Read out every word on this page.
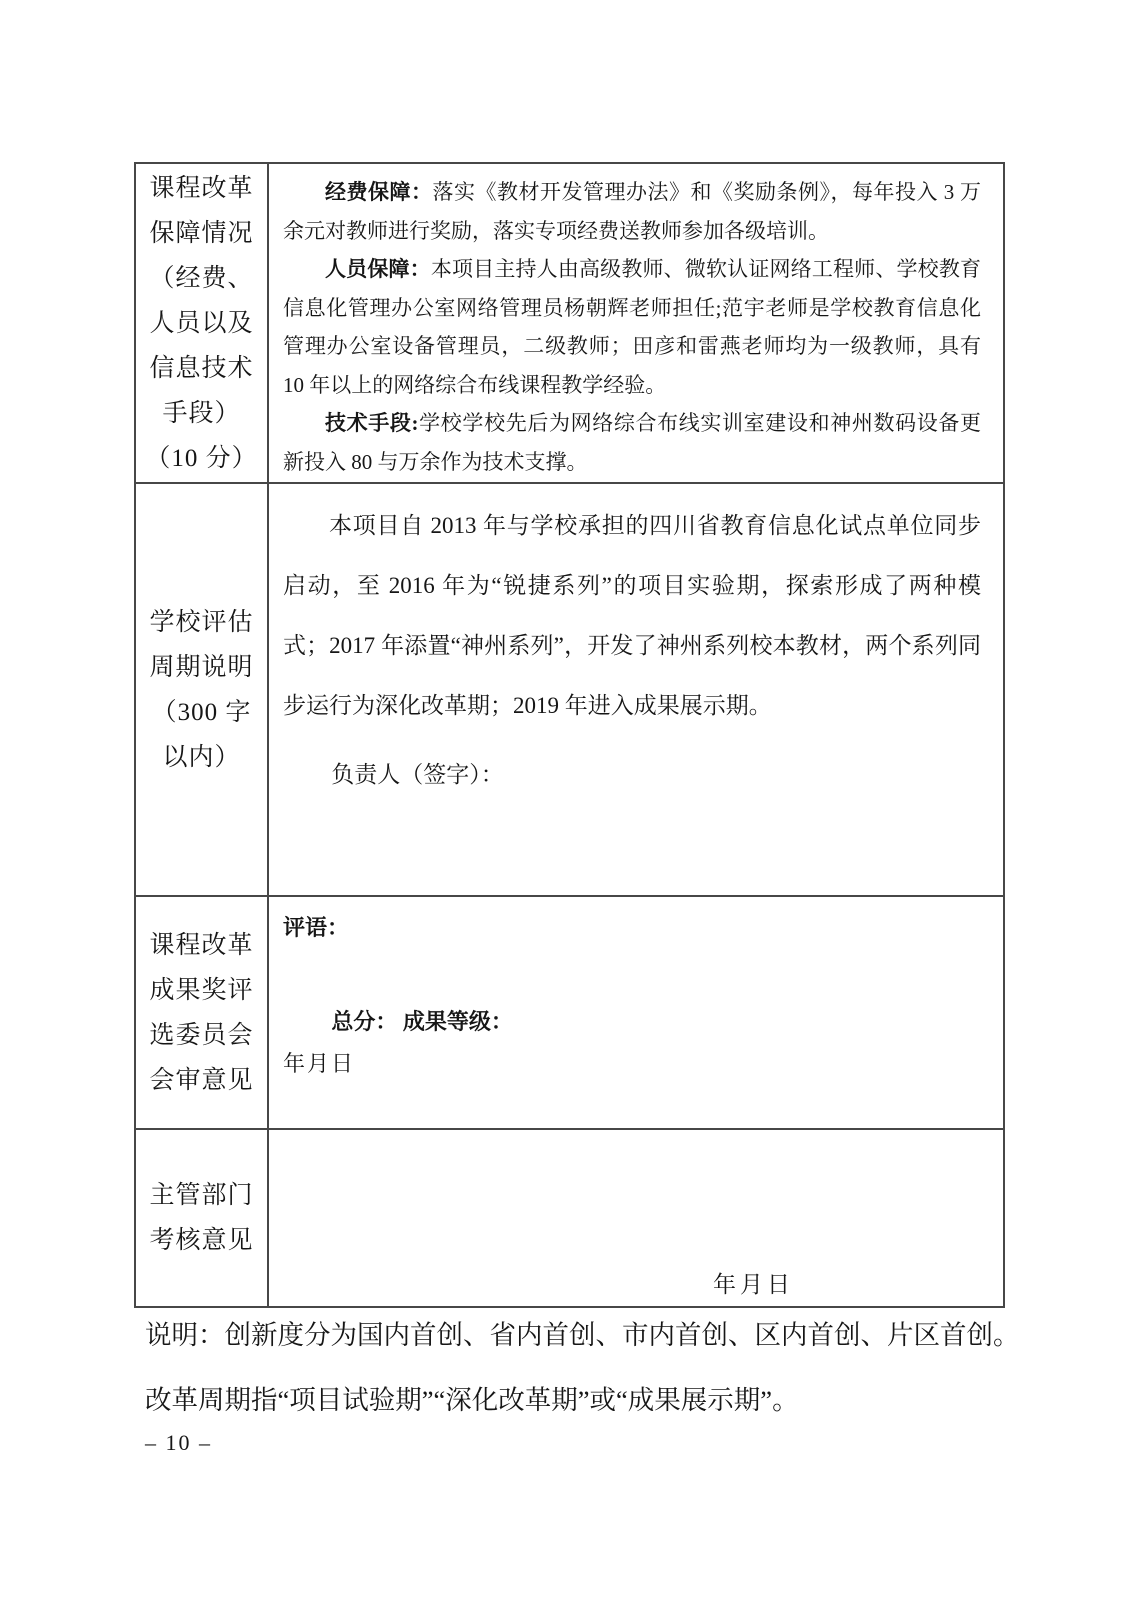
课程改革
保障情况
（经费、
人员以及
信息技术
手段）
（10 分）

经费保障：落实《教材开发管理办法》和《奖励条例》，每年投入 3 万余元对教师进行奖励，落实专项经费送教师参加各级培训。

人员保障：本项目主持人由高级教师、微软认证网络工程师、学校教育信息化管理办公室网络管理员杨朝辉老师担任;范宇老师是学校教育信息化管理办公室设备管理员，二级教师；田彦和雷燕老师均为一级教师，具有 10 年以上的网络综合布线课程教学经验。

技术手段:学校学校先后为网络综合布线实训室建设和神州数码设备更新投入 80 与万余作为技术支撑。

学校评估
周期说明
（300 字
以内）

本项目自 2013 年与学校承担的四川省教育信息化试点单位同步启动，至 2016 年为“锐捷系列”的项目实验期，探索形成了两种模式；2017 年添置“神州系列”，开发了神州系列校本教材，两个系列同步运行为深化改革期；2019 年进入成果展示期。

负责人（签字）：

课程改革
成果奖评
选委员会
会审意见

评语：

总分： 成果等级：

年月日

主管部门
考核意见

年月日

说明：创新度分为国内首创、省内首创、市内首创、区内首创、片区首创。
改革周期指“项目试验期”“深化改革期”或“成果展示期”。
– 10 –
